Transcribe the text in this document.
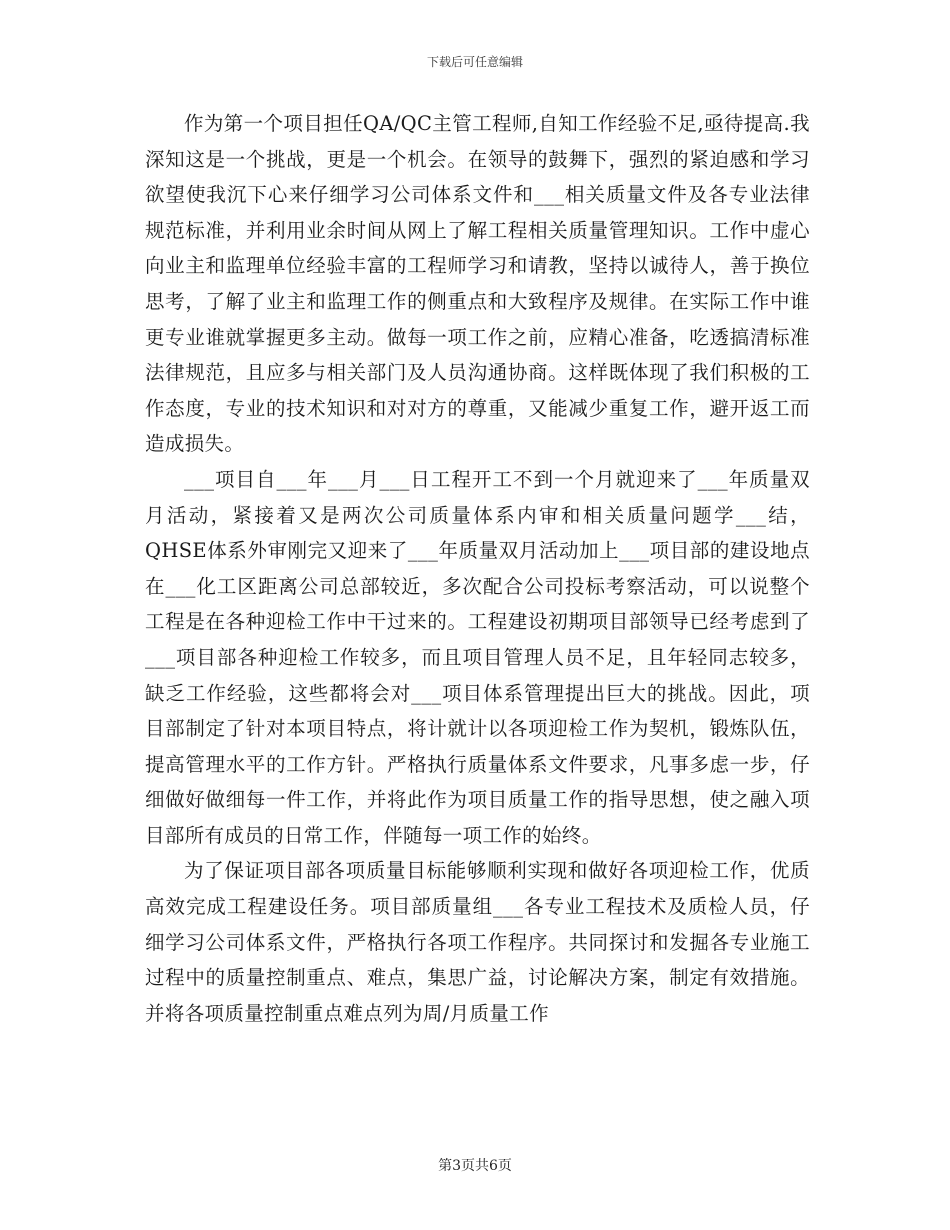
下载后可任意编辑

作为第一个项目担任QA/QC主管工程师,自知工作经验不足,亟待提高.我深知这是一个挑战，更是一个机会。在领导的鼓舞下，强烈的紧迫感和学习欲望使我沉下心来仔细学习公司体系文件和___相关质量文件及各专业法律规范标准，并利用业余时间从网上了解工程相关质量管理知识。工作中虚心向业主和监理单位经验丰富的工程师学习和请教，坚持以诚待人，善于换位思考，了解了业主和监理工作的侧重点和大致程序及规律。在实际工作中谁更专业谁就掌握更多主动。做每一项工作之前，应精心准备，吃透搞清标准法律规范，且应多与相关部门及人员沟通协商。这样既体现了我们积极的工作态度，专业的技术知识和对对方的尊重，又能减少重复工作，避开返工而造成损失。

___项目自___年___月___日工程开工不到一个月就迎来了___年质量双月活动，紧接着又是两次公司质量体系内审和相关质量问题学___结，QHSE体系外审刚完又迎来了___年质量双月活动加上___项目部的建设地点在___化工区距离公司总部较近，多次配合公司投标考察活动，可以说整个工程是在各种迎检工作中干过来的。工程建设初期项目部领导已经考虑到了___项目部各种迎检工作较多，而且项目管理人员不足，且年轻同志较多，缺乏工作经验，这些都将会对___项目体系管理提出巨大的挑战。因此，项目部制定了针对本项目特点，将计就计以各项迎检工作为契机，锻炼队伍，提高管理水平的工作方针。严格执行质量体系文件要求，凡事多虑一步，仔细做好做细每一件工作，并将此作为项目质量工作的指导思想，使之融入项目部所有成员的日常工作，伴随每一项工作的始终。

为了保证项目部各项质量目标能够顺利实现和做好各项迎检工作，优质高效完成工程建设任务。项目部质量组___各专业工程技术及质检人员，仔细学习公司体系文件，严格执行各项工作程序。共同探讨和发掘各专业施工过程中的质量控制重点、难点，集思广益，讨论解决方案，制定有效措施。并将各项质量控制重点难点列为周/月质量工作

第3页共6页
